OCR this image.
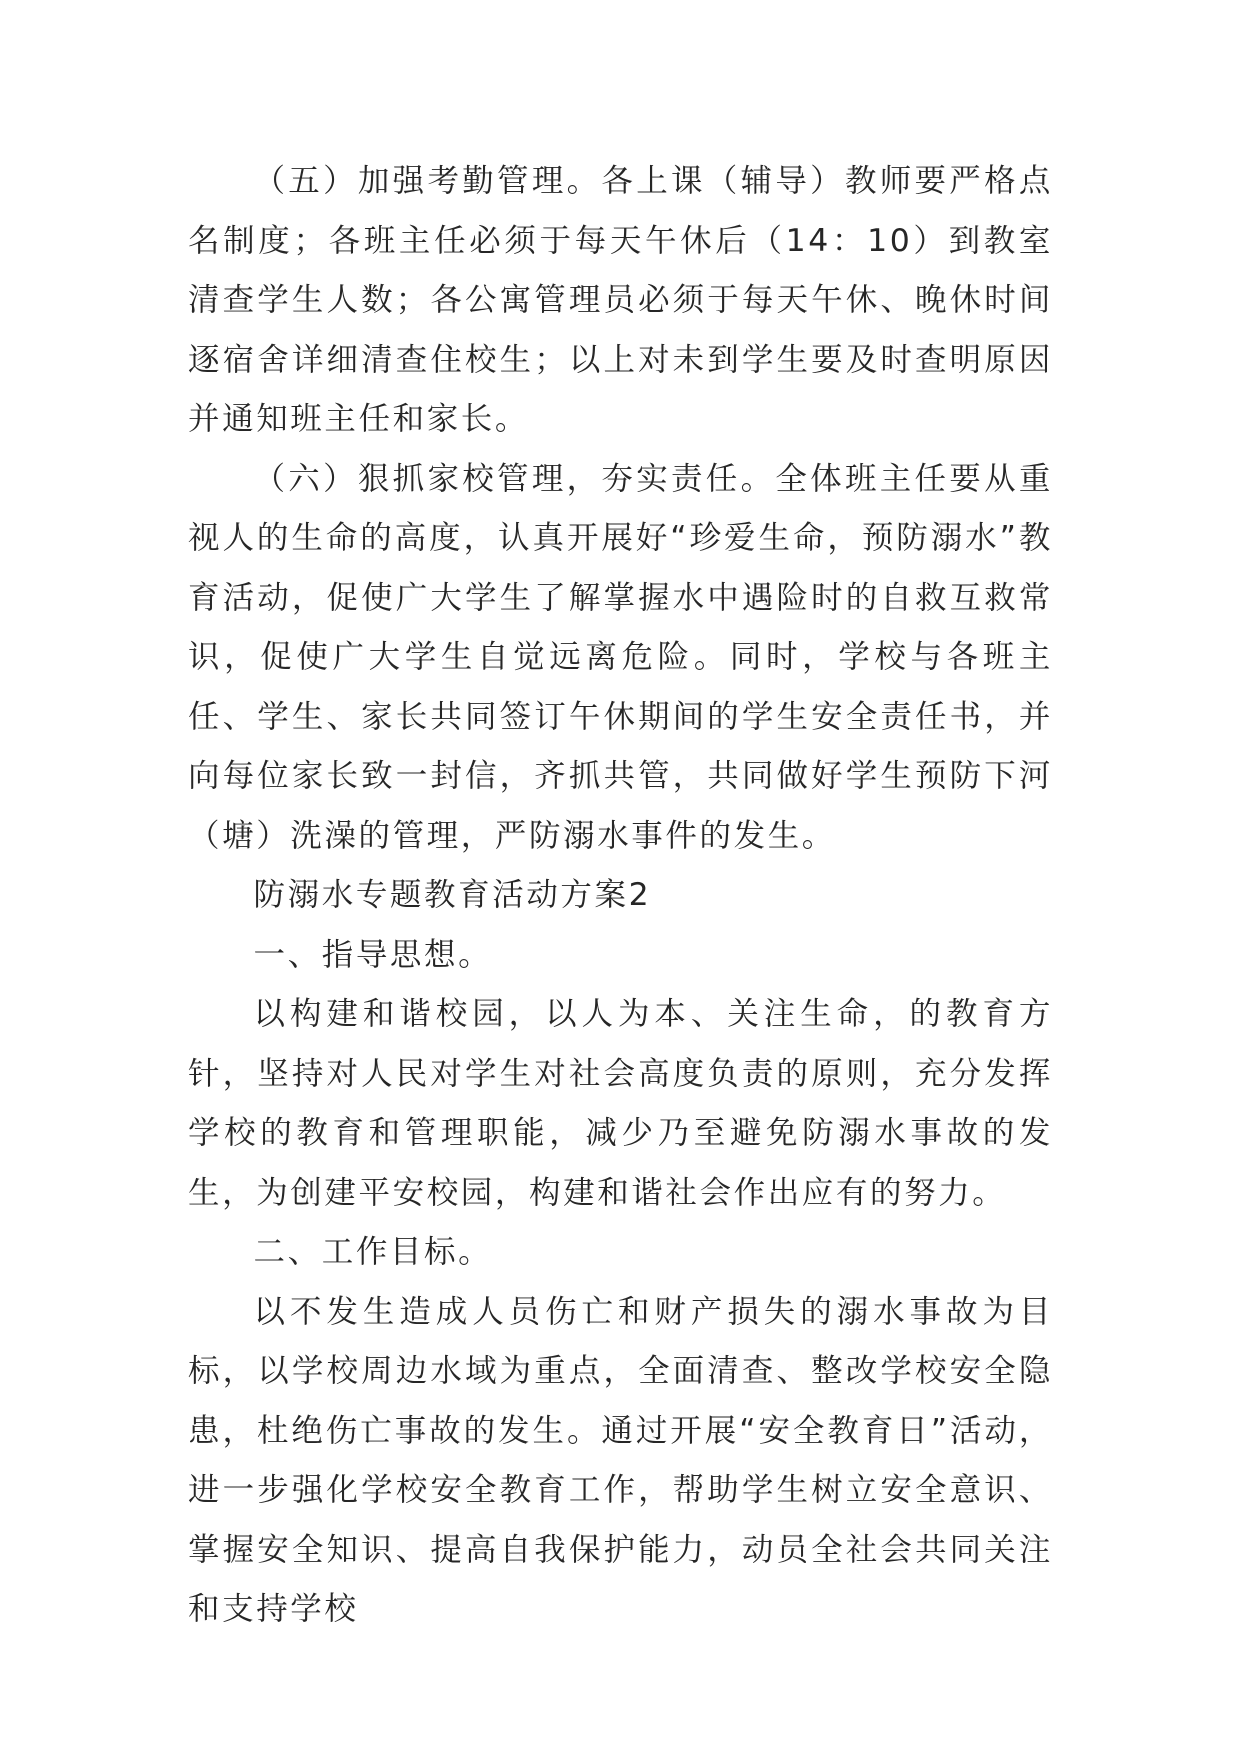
（五）加强考勤管理。各上课（辅导）教师要严格点名制度；各班主任必须于每天午休后（14：10）到教室清查学生人数；各公寓管理员必须于每天午休、晚休时间逐宿舍详细清查住校生；以上对未到学生要及时查明原因并通知班主任和家长。

（六）狠抓家校管理，夯实责任。全体班主任要从重视人的生命的高度，认真开展好“珍爱生命，预防溺水”教育活动，促使广大学生了解掌握水中遇险时的自救互救常识，促使广大学生自觉远离危险。同时，学校与各班主任、学生、家长共同签订午休期间的学生安全责任书，并向每位家长致一封信，齐抓共管，共同做好学生预防下河（塘）洗澡的管理，严防溺水事件的发生。

防溺水专题教育活动方案2

一、指导思想。

以构建和谐校园，以人为本、关注生命，的教育方针，坚持对人民对学生对社会高度负责的原则，充分发挥学校的教育和管理职能，减少乃至避免防溺水事故的发生，为创建平安校园，构建和谐社会作出应有的努力。

二、工作目标。

以不发生造成人员伤亡和财产损失的溺水事故为目标，以学校周边水域为重点，全面清查、整改学校安全隐患，杜绝伤亡事故的发生。通过开展“安全教育日”活动，进一步强化学校安全教育工作，帮助学生树立安全意识、掌握安全知识、提高自我保护能力，动员全社会共同关注和支持学校
